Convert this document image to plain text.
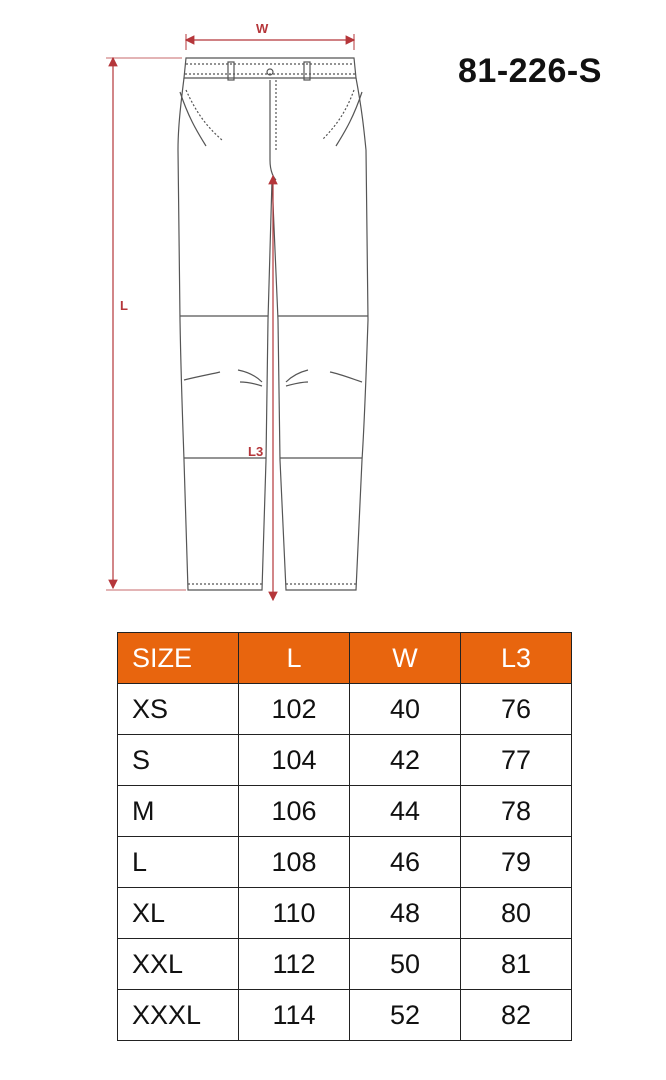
W
L
L3
81-226-S
SIZE	L	W	L3
XS	102	40	76
S	104	42	77
M	106	44	78
L	108	46	79
XL	110	48	80
XXL	112	50	81
XXXL	114	52	82
